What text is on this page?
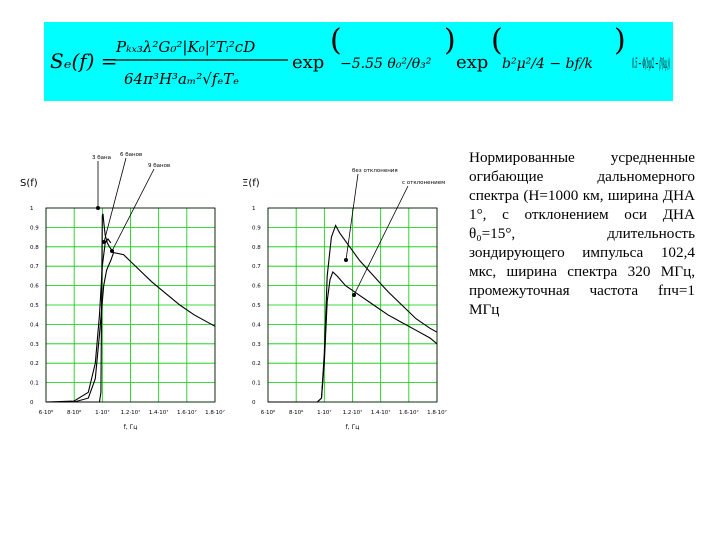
Sₑ(f) =
Pₖₓ₃λ²G₀²|K₀|²Tᵢ²cD
64π³H³aₘ²√fₑTₑ
exp
(
−5.55 θ₀²/θ₃²
)
exp
(
b²μ²/4 − bf/k
)
0.5 − Φ(bμ/2 − f/(kμ))
S(f)
6·10⁶ 8·10⁶ 1·10⁷ 1.2·10⁷ 1.4·10⁷ 1.6·10⁷ 1.8·10⁷
0
0.1
0.2
0.3
0.4
0.5
0.6
0.7
0.8
0.9
1
f, Гц
3 бана 6 банов
9 банов
Ξ(f)
6·10⁶ 8·10⁶ 1·10⁷ 1.2·10⁷ 1.4·10⁷ 1.6·10⁷ 1.8·10⁷
0
0.1
0.2
0.3
0.4
0.5
0.6
0.7
0.8
0.9
1
f, Гц
без отклонения
с отклонением
Нормированные усредненные огибающие дальномерного спектра (Н=1000 км, ширина ДНА 1°, с отклонением оси ДНА θ₀=15°, длительность зондирующего импульса 102,4 мкс, ширина спектра 320 МГц, промежуточная частота fпч=1 МГц
